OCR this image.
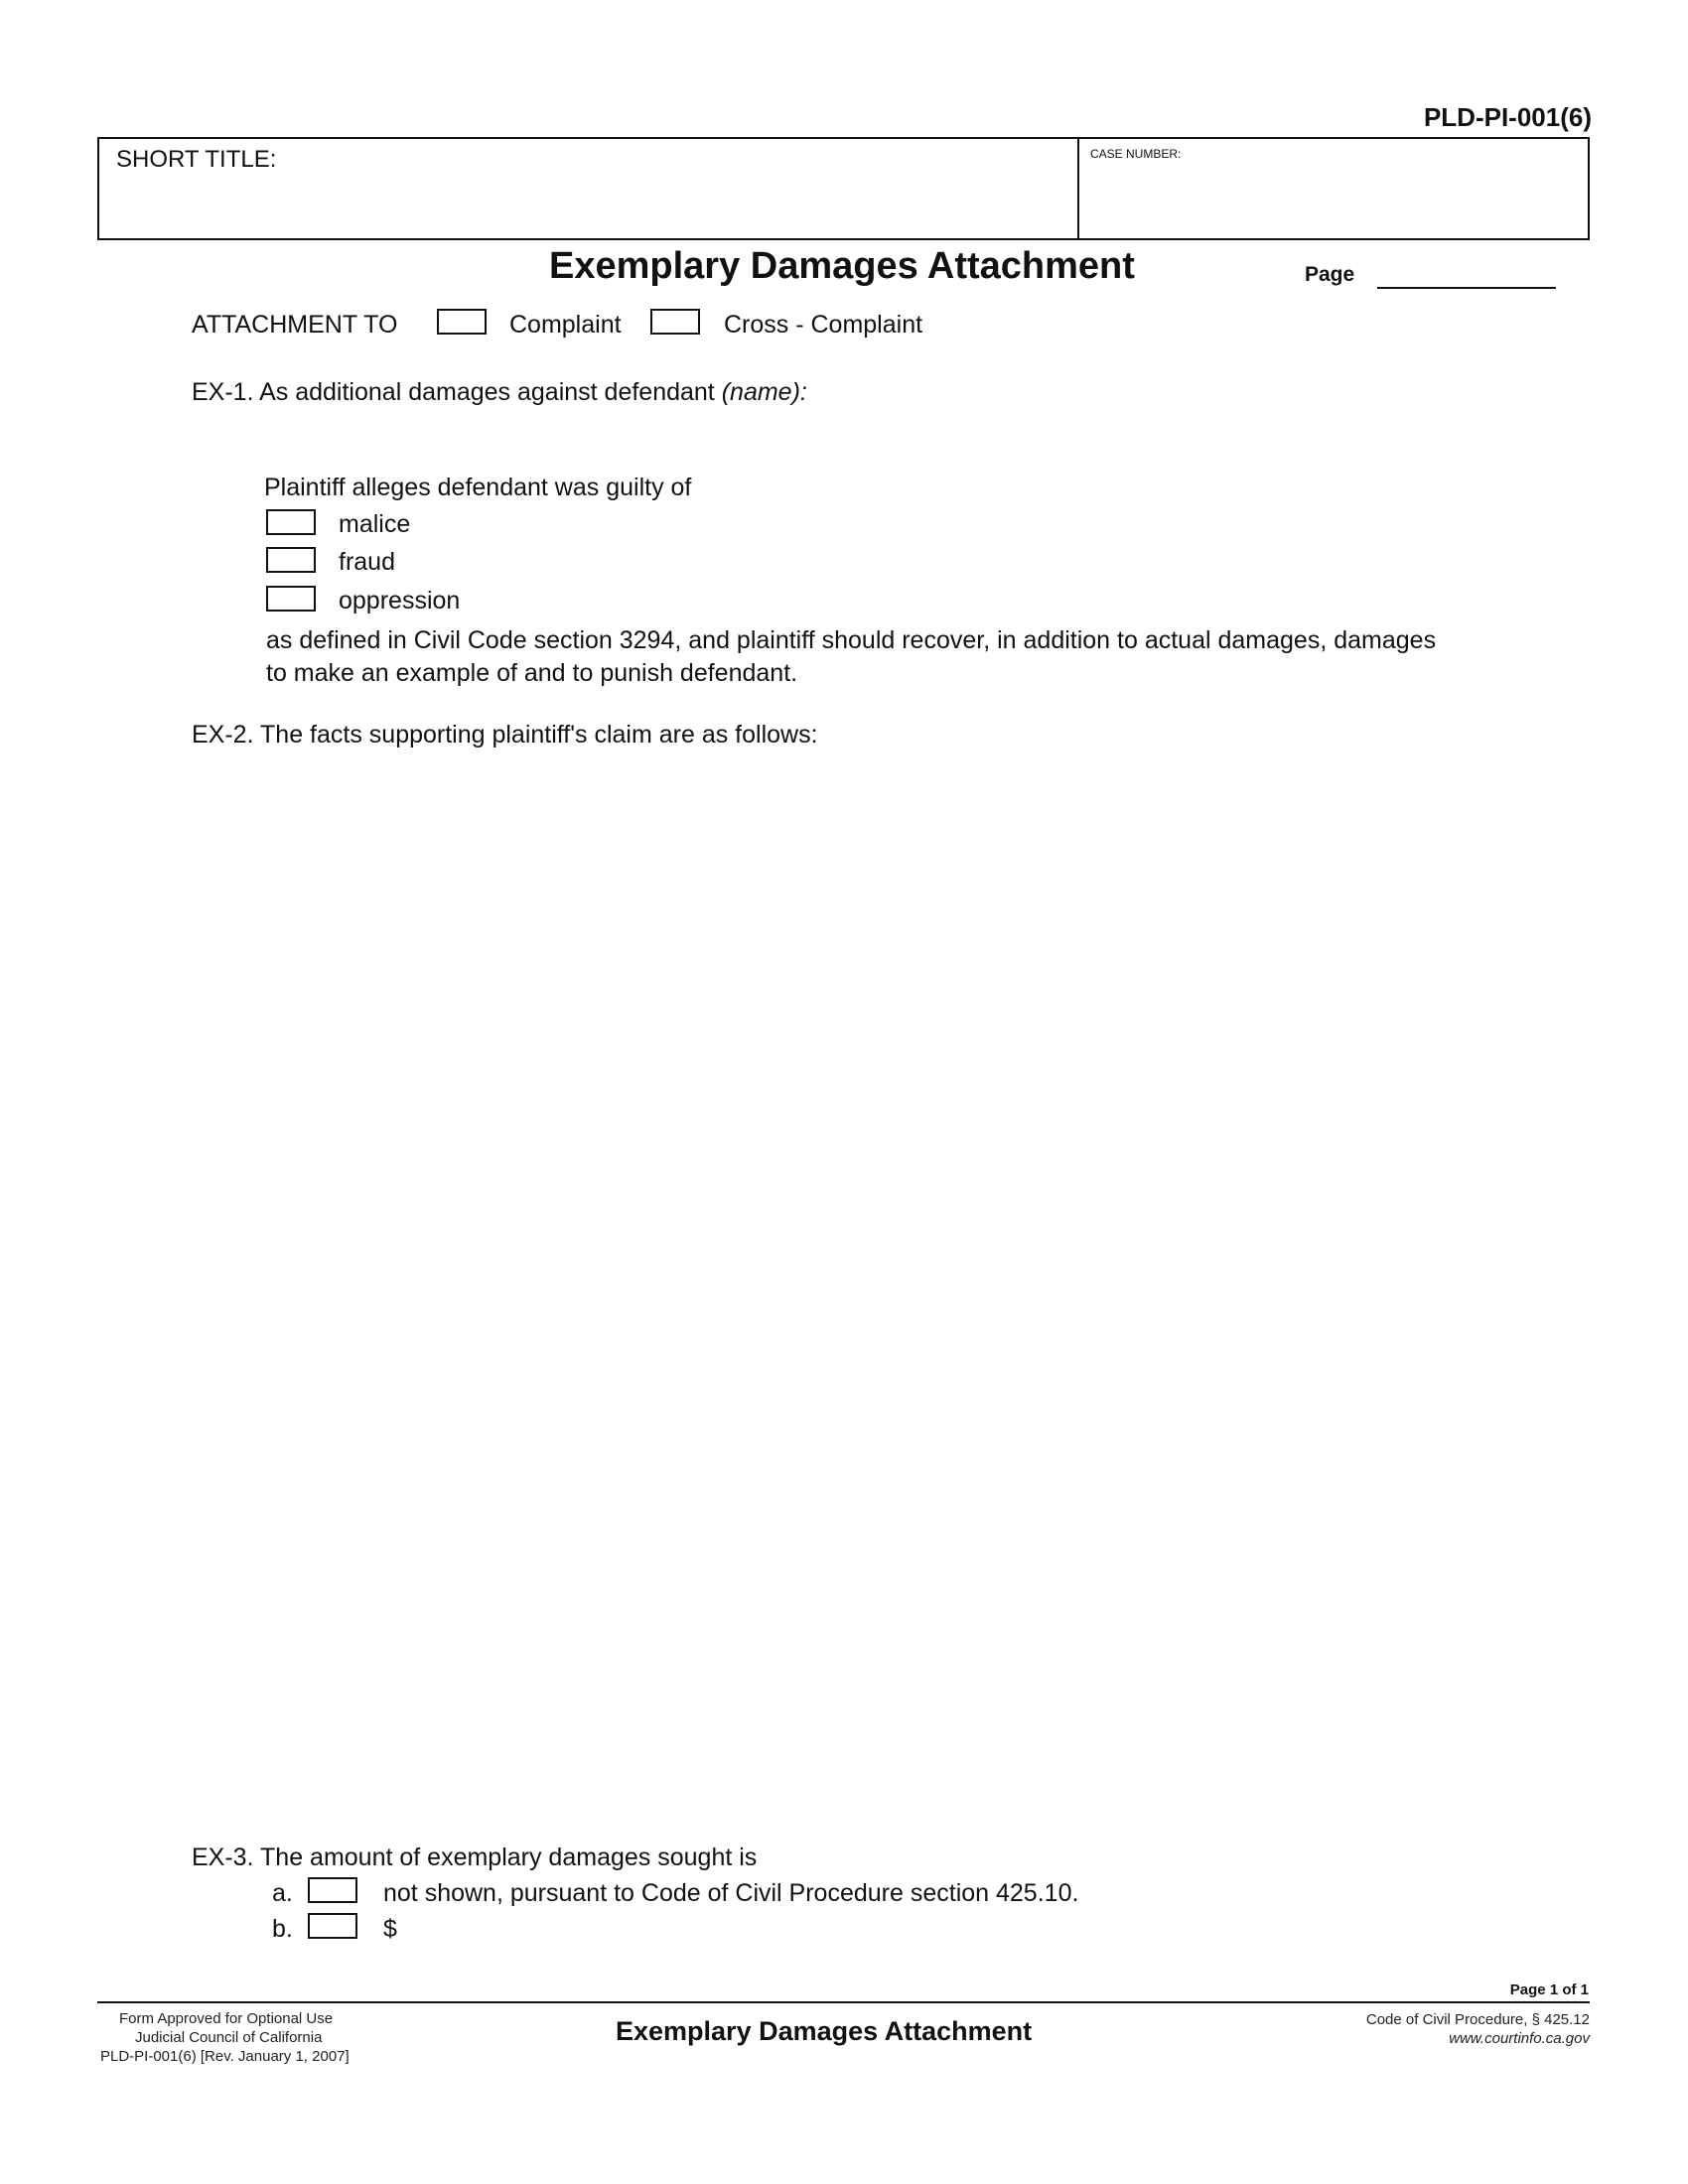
PLD-PI-001(6)
SHORT TITLE:	CASE NUMBER:
Exemplary Damages Attachment	Page
ATTACHMENT TO	Complaint	Cross - Complaint
EX-1. As additional damages against defendant (name):
Plaintiff alleges defendant was guilty of
malice
fraud
oppression
as defined in Civil Code section 3294, and plaintiff should recover, in addition to actual damages, damages
to make an example of and to punish defendant.
EX-2. The facts supporting plaintiff's claim are as follows:
EX-3. The amount of exemplary damages sought is
a.	not shown, pursuant to Code of Civil Procedure section 425.10.
b.	$
Page 1 of 1
Form Approved for Optional Use
Judicial Council of California
PLD-PI-001(6) [Rev. January 1, 2007]
Exemplary Damages Attachment	Code of Civil Procedure, § 425.12
www.courtinfo.ca.gov
